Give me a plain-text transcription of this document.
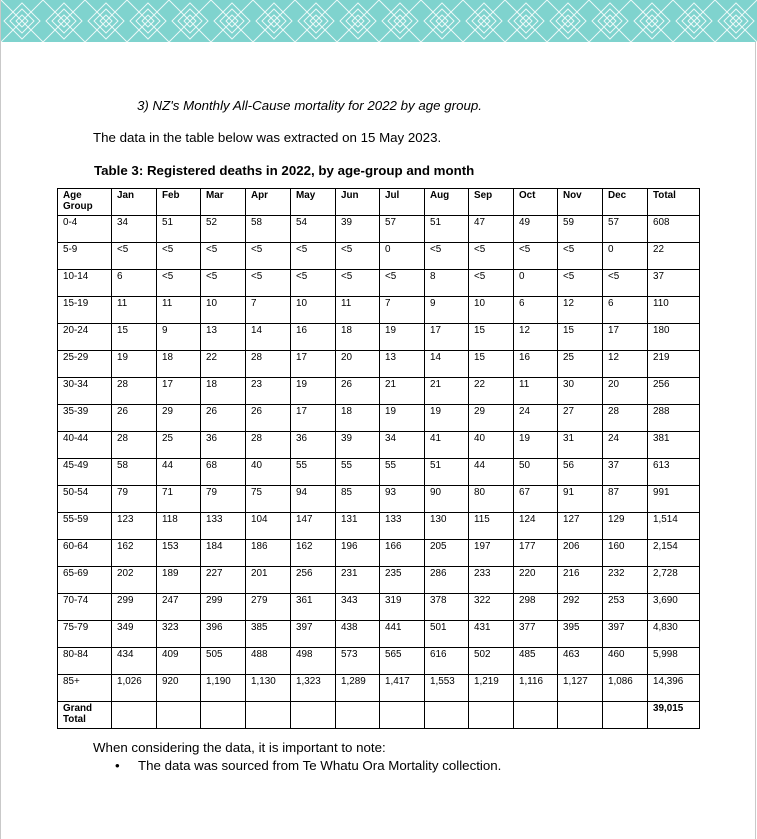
3) NZ's Monthly All-Cause mortality for 2022 by age group.
The data in the table below was extracted on 15 May 2023.
Table 3: Registered deaths in 2022, by age-group and month
Age Group	Jan	Feb	Mar	Apr	May	Jun	Jul	Aug	Sep	Oct	Nov	Dec	Total
0-4	34	51	52	58	54	39	57	51	47	49	59	57	608
5-9	<5	<5	<5	<5	<5	<5	0	<5	<5	<5	<5	0	22
10-14	6	<5	<5	<5	<5	<5	<5	8	<5	0	<5	<5	37
15-19	11	11	10	7	10	11	7	9	10	6	12	6	110
20-24	15	9	13	14	16	18	19	17	15	12	15	17	180
25-29	19	18	22	28	17	20	13	14	15	16	25	12	219
30-34	28	17	18	23	19	26	21	21	22	11	30	20	256
35-39	26	29	26	26	17	18	19	19	29	24	27	28	288
40-44	28	25	36	28	36	39	34	41	40	19	31	24	381
45-49	58	44	68	40	55	55	55	51	44	50	56	37	613
50-54	79	71	79	75	94	85	93	90	80	67	91	87	991
55-59	123	118	133	104	147	131	133	130	115	124	127	129	1,514
60-64	162	153	184	186	162	196	166	205	197	177	206	160	2,154
65-69	202	189	227	201	256	231	235	286	233	220	216	232	2,728
70-74	299	247	299	279	361	343	319	378	322	298	292	253	3,690
75-79	349	323	396	385	397	438	441	501	431	377	395	397	4,830
80-84	434	409	505	488	498	573	565	616	502	485	463	460	5,998
85+	1,026	920	1,190	1,130	1,323	1,289	1,417	1,553	1,219	1,116	1,127	1,086	14,396
Grand Total													39,015
When considering the data, it is important to note:
• The data was sourced from Te Whatu Ora Mortality collection.
